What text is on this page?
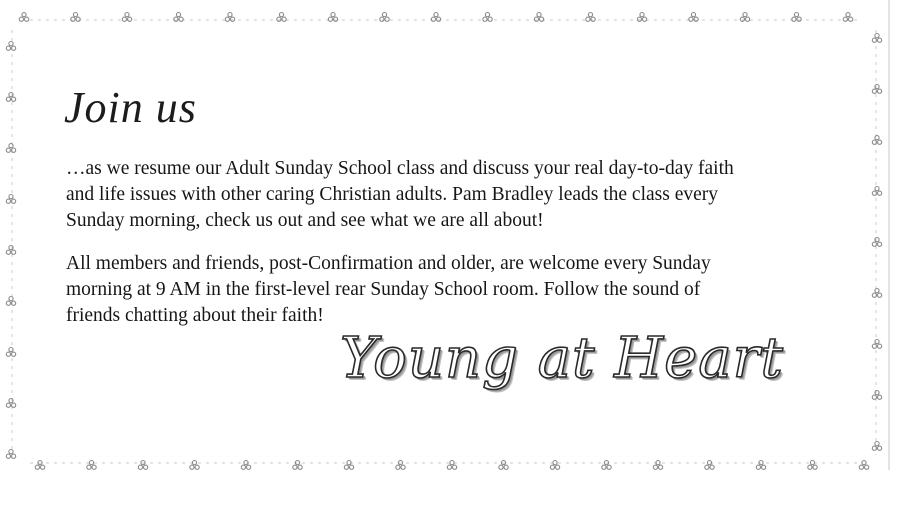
Join us

…as we resume our Adult Sunday School class and discuss your real day-to-day faith
and life issues with other caring Christian adults. Pam Bradley leads the class every
Sunday morning, check us out and see what we are all about!

All members and friends, post-Confirmation and older, are welcome every Sunday
morning at 9 AM in the first-level rear Sunday School room. Follow the sound of
friends chatting about their faith!

Young at Heart
